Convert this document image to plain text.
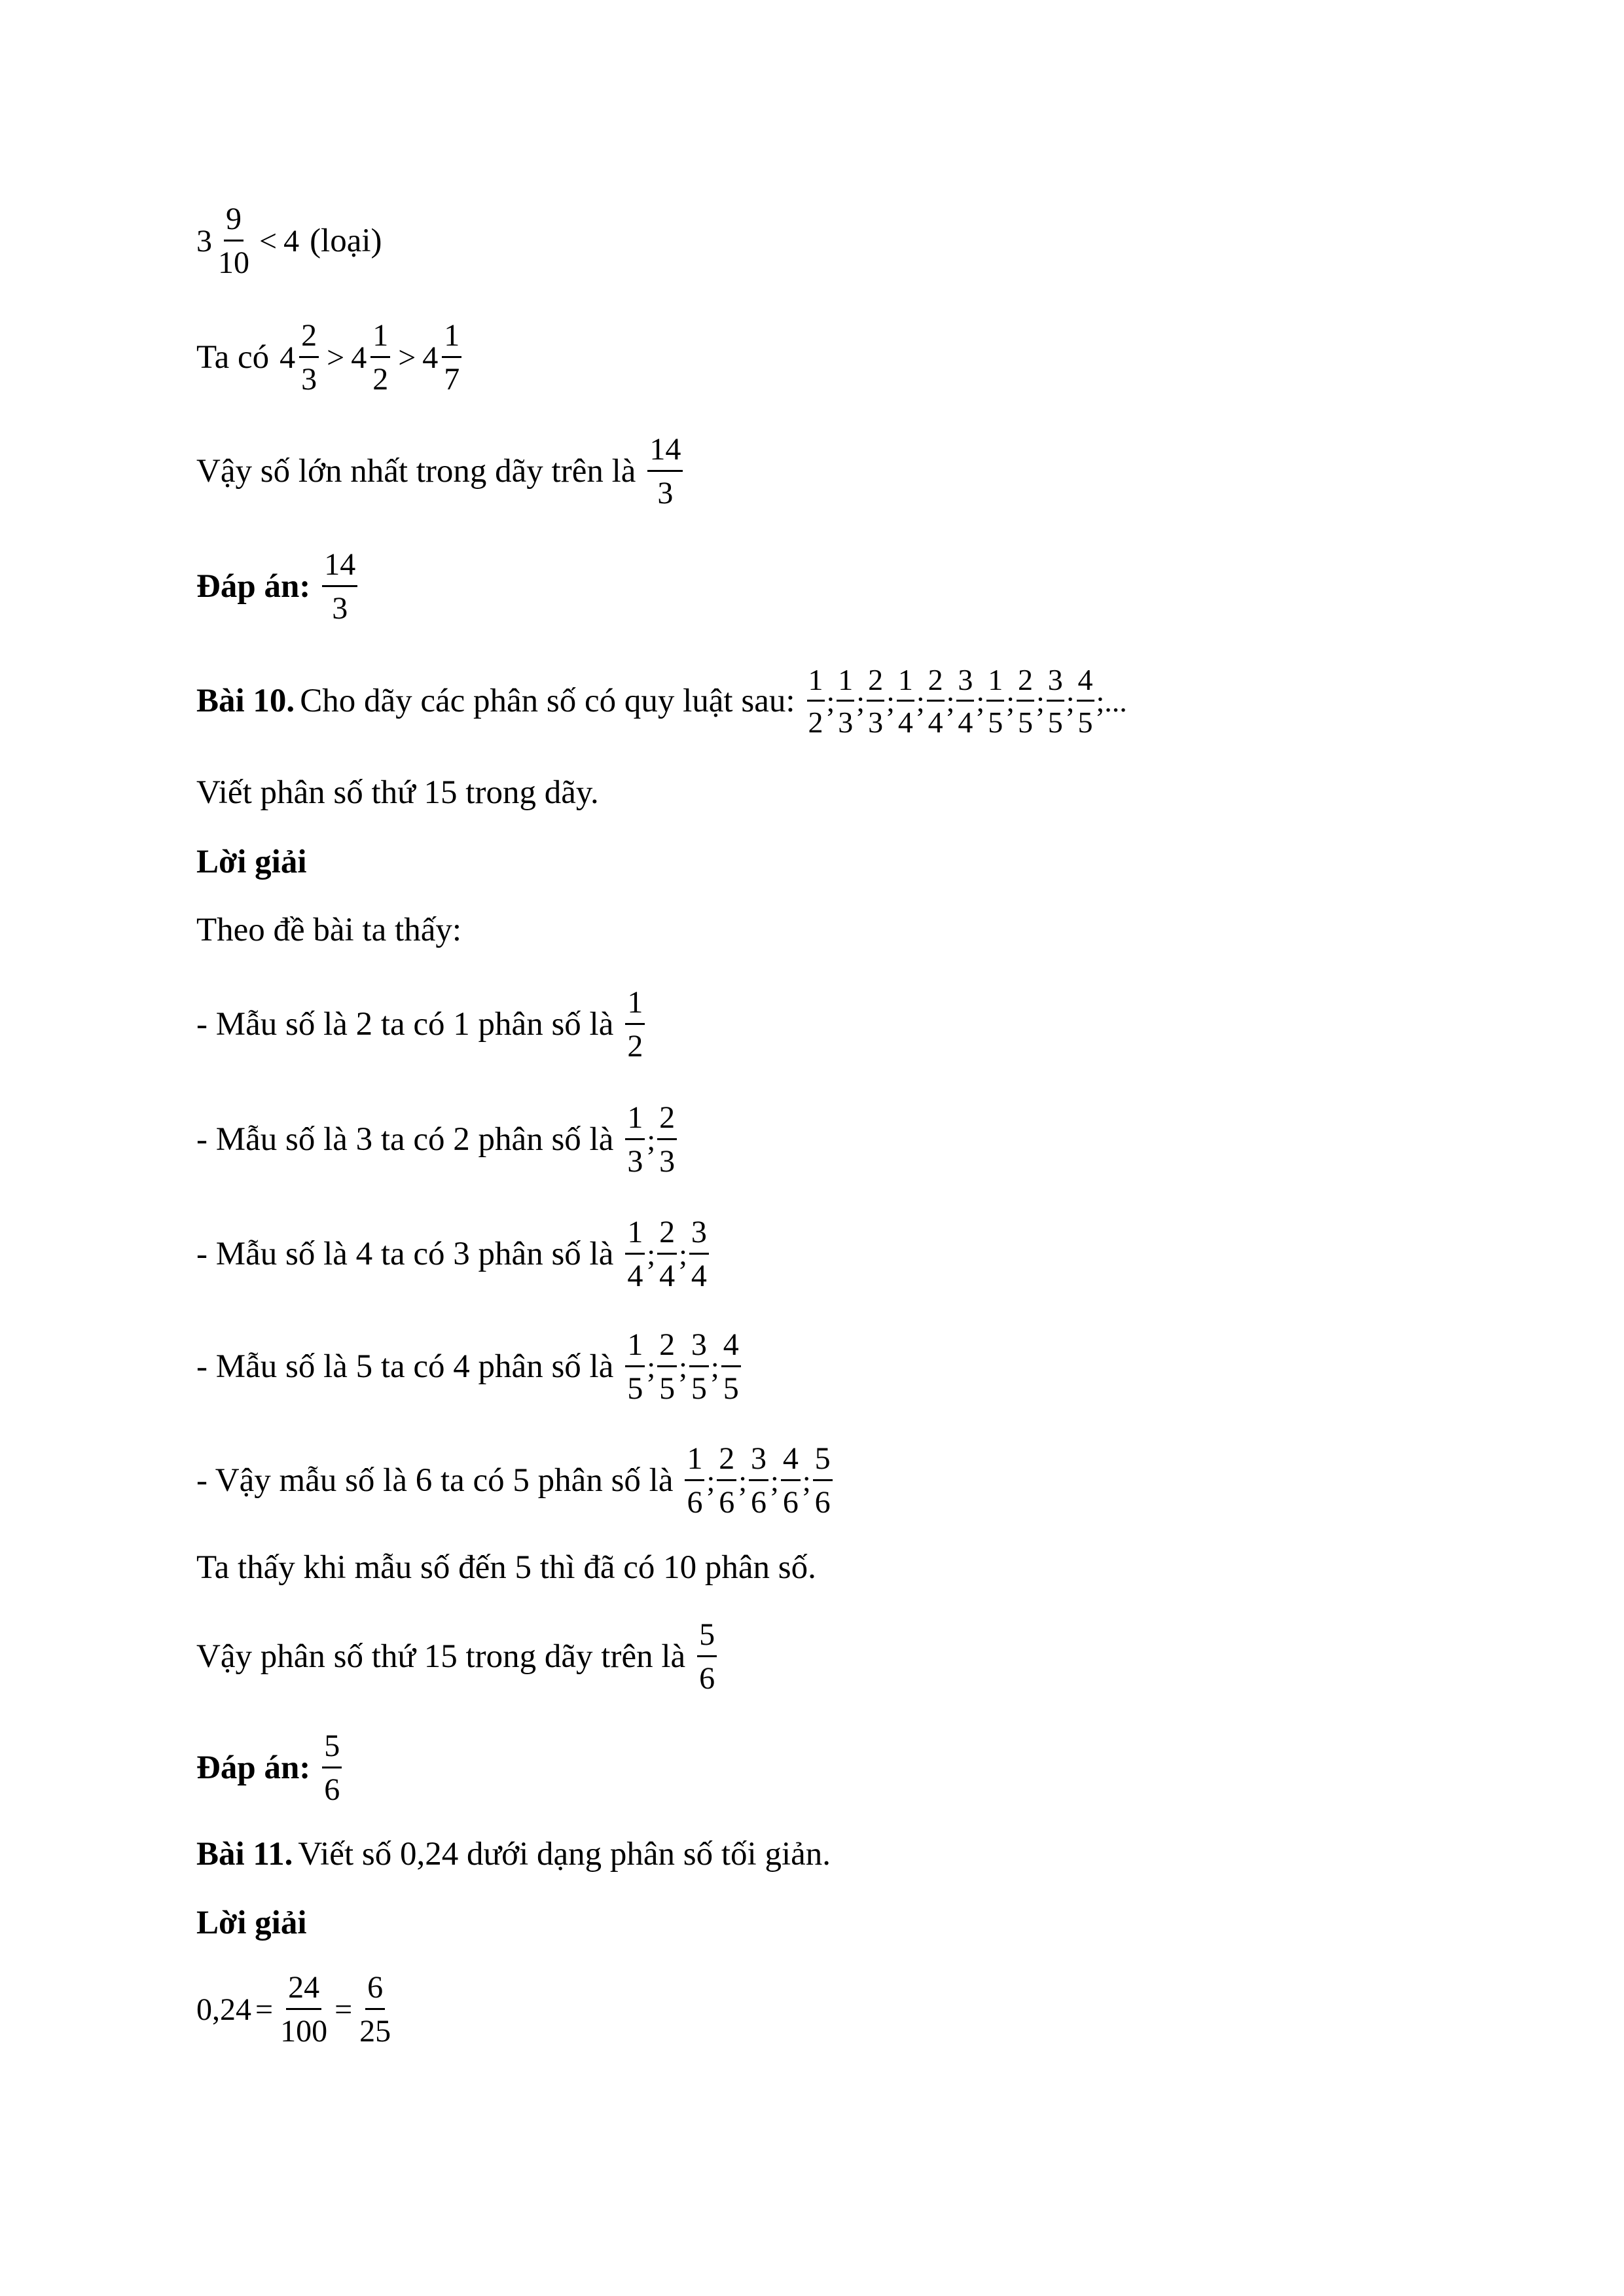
$3 \frac{9}{10} < 4$ (loại)
Ta có $4 \frac{2}{3} > 4 \frac{1}{2} > 4 \frac{1}{7}$
Vậy số lớn nhất trong dãy trên là $\frac{14}{3}$
Đáp án: $\frac{14}{3}$
Bài 10. Cho dãy các phân số có quy luật sau: $\frac{1}{2}$ ; $\frac{1}{3}$ ; $\frac{2}{3}$ ; $\frac{1}{4}$ ; $\frac{2}{4}$ ; $\frac{3}{4}$ ; $\frac{1}{5}$ ; $\frac{2}{5}$ ; $\frac{3}{5}$ ; $\frac{4}{5}$ ;...
Viết phân số thứ 15 trong dãy.
Lời giải
Theo đề bài ta thấy:
- Mẫu số là 2 ta có 1 phân số là $\frac{1}{2}$
- Mẫu số là 3 ta có 2 phân số là $\frac{1}{3}$ ; $\frac{2}{3}$
- Mẫu số là 4 ta có 3 phân số là $\frac{1}{4}$ ; $\frac{2}{4}$ ; $\frac{3}{4}$
- Mẫu số là 5 ta có 4 phân số là $\frac{1}{5}$ ; $\frac{2}{5}$ ; $\frac{3}{5}$ ; $\frac{4}{5}$
- Vậy mẫu số là 6 ta có 5 phân số là $\frac{1}{6}$ ; $\frac{2}{6}$ ; $\frac{3}{6}$ ; $\frac{4}{6}$ ; $\frac{5}{6}$
Ta thấy khi mẫu số đến 5 thì đã có 10 phân số.
Vậy phân số thứ 15 trong dãy trên là $\frac{5}{6}$
Đáp án: $\frac{5}{6}$
Bài 11. Viết số 0,24 dưới dạng phân số tối giản.
Lời giải
$0,24 = \frac{24}{100} = \frac{6}{25}$
